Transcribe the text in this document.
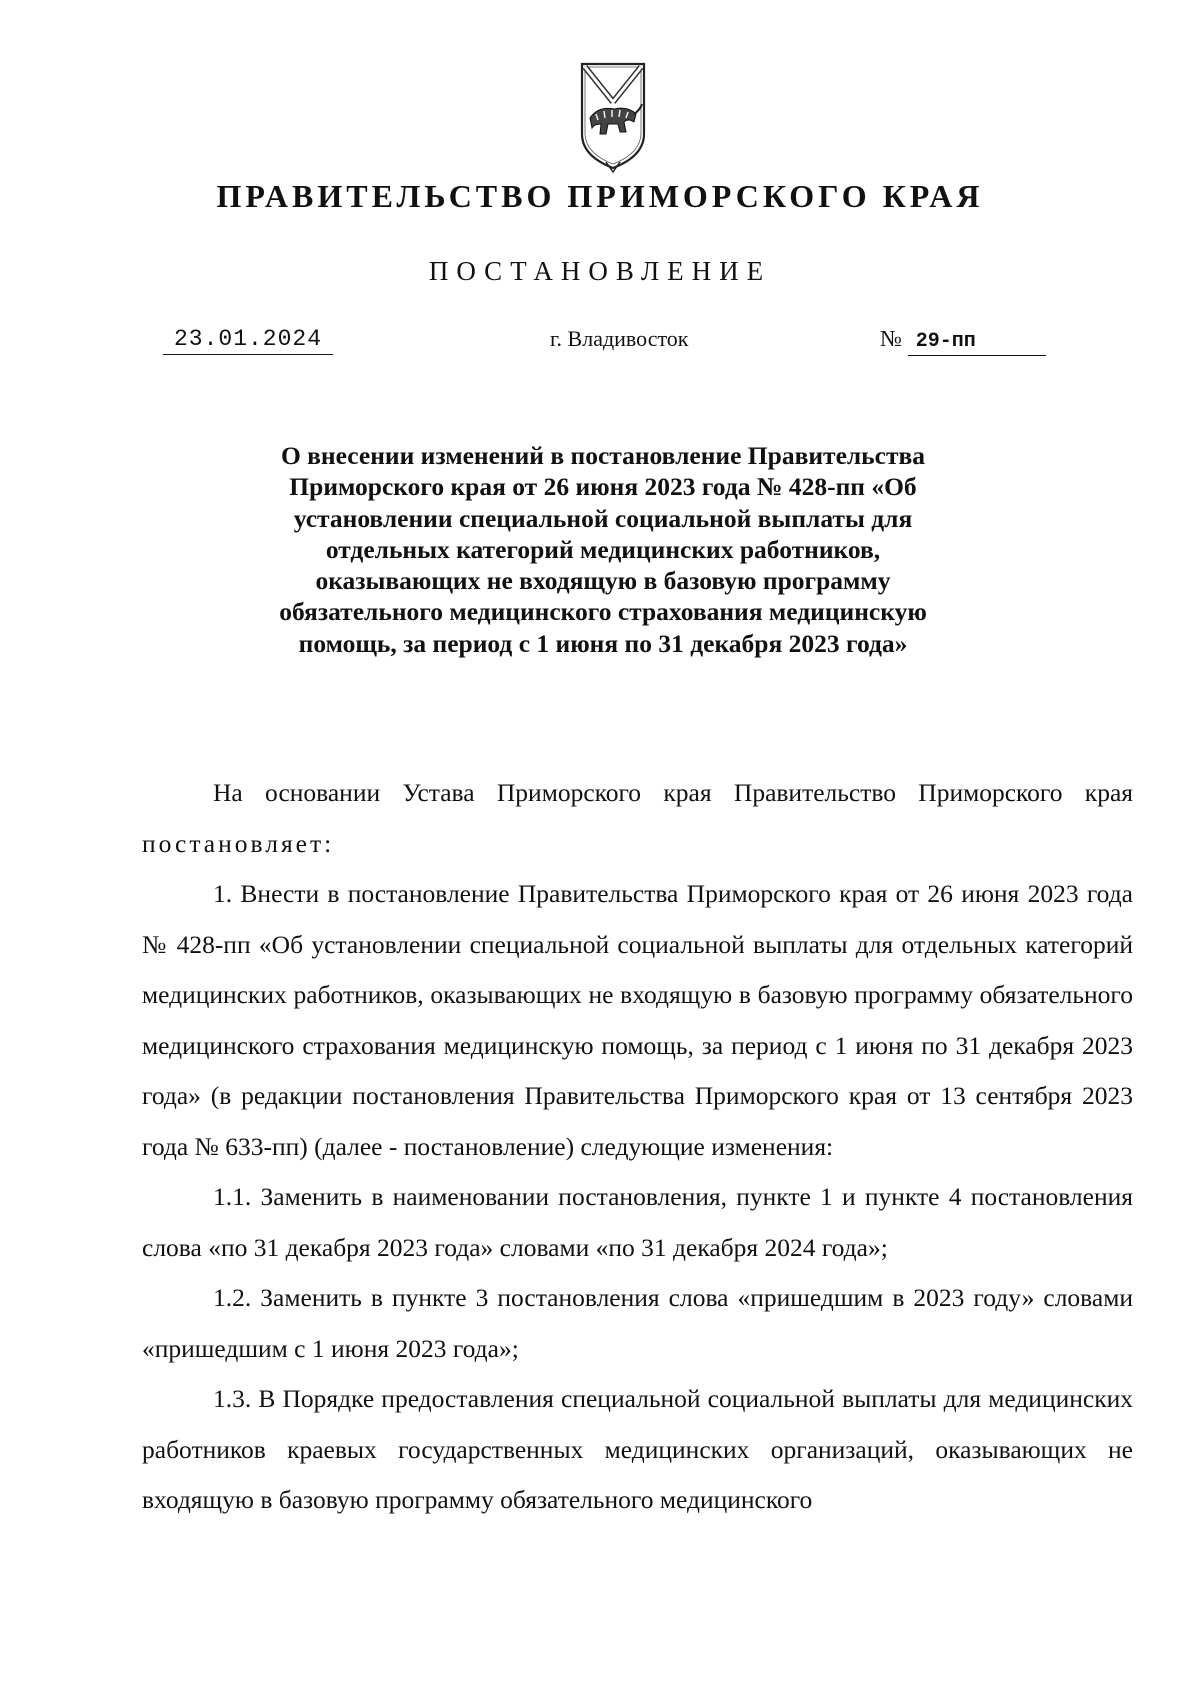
ПРАВИТЕЛЬСТВО ПРИМОРСКОГО КРАЯ
ПОСТАНОВЛЕНИЕ
23.01.2024	г. Владивосток	№ 29-пп
О внесении изменений в постановление Правительства Приморского края от 26 июня 2023 года № 428-пп «Об установлении специальной социальной выплаты для отдельных категорий медицинских работников, оказывающих не входящую в базовую программу обязательного медицинского страхования медицинскую помощь, за период с 1 июня по 31 декабря 2023 года»

На основании Устава Приморского края Правительство Приморского края постановляет:

1. Внести в постановление Правительства Приморского края от 26 июня 2023 года № 428-пп «Об установлении специальной социальной выплаты для отдельных категорий медицинских работников, оказывающих не входящую в базовую программу обязательного медицинского страхования медицинскую помощь, за период с 1 июня по 31 декабря 2023 года» (в редакции постановления Правительства Приморского края от 13 сентября 2023 года № 633-пп) (далее - постановление) следующие изменения:

1.1. Заменить в наименовании постановления, пункте 1 и пункте 4 постановления слова «по 31 декабря 2023 года» словами «по 31 декабря 2024 года»;

1.2. Заменить в пункте 3 постановления слова «пришедшим в 2023 году» словами «пришедшим с 1 июня 2023 года»;

1.3. В Порядке предоставления специальной социальной выплаты для медицинских работников краевых государственных медицинских организаций, оказывающих не входящую в базовую программу обязательного медицинского
